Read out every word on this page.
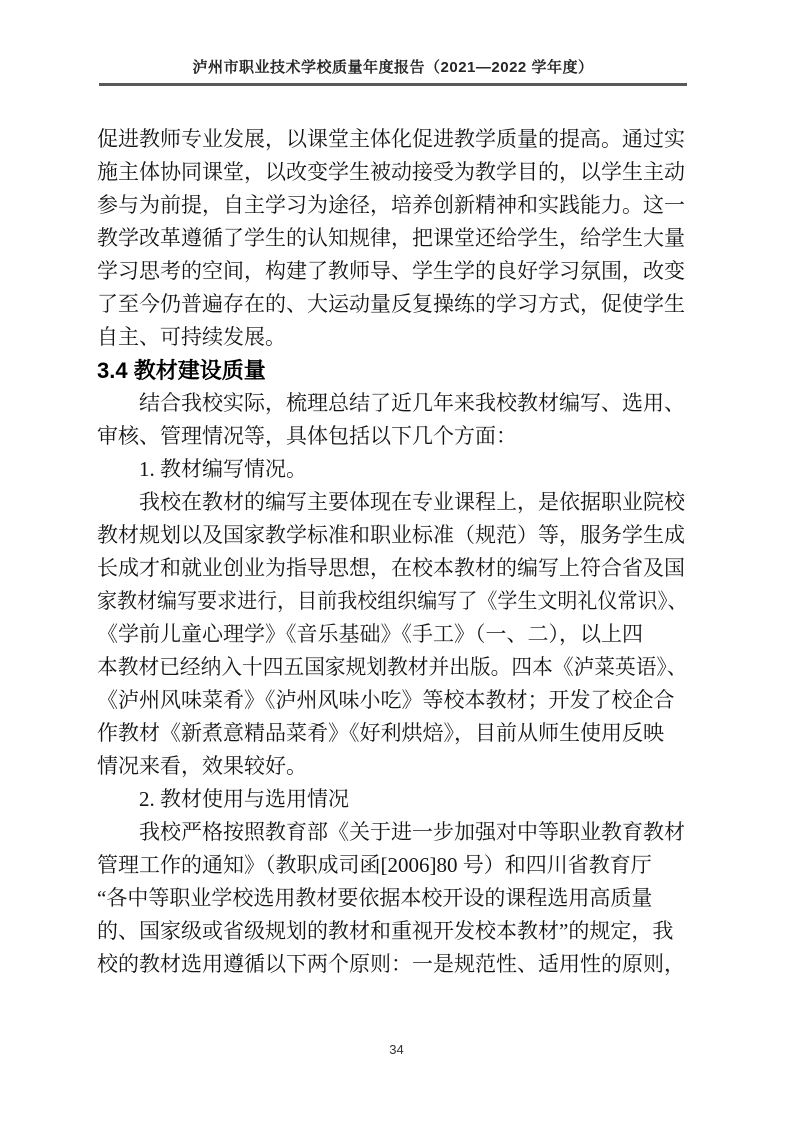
泸州市职业技术学校质量年度报告（2021—2022 学年度）
促进教师专业发展，以课堂主体化促进教学质量的提高。通过实
施主体协同课堂，以改变学生被动接受为教学目的，以学生主动
参与为前提，自主学习为途径，培养创新精神和实践能力。这一
教学改革遵循了学生的认知规律，把课堂还给学生，给学生大量
学习思考的空间，构建了教师导、学生学的良好学习氛围，改变
了至今仍普遍存在的、大运动量反复操练的学习方式，促使学生
自主、可持续发展。
3.4 教材建设质量
　　结合我校实际，梳理总结了近几年来我校教材编写、选用、
审核、管理情况等，具体包括以下几个方面：
　　1. 教材编写情况。
　　我校在教材的编写主要体现在专业课程上，是依据职业院校
教材规划以及国家教学标准和职业标准（规范）等，服务学生成
长成才和就业创业为指导思想，在校本教材的编写上符合省及国
家教材编写要求进行，目前我校组织编写了《学生文明礼仪常识》、
《学前儿童心理学》《音乐基础》《手工》（一、二），以上四
本教材已经纳入十四五国家规划教材并出版。四本《泸菜英语》、
《泸州风味菜肴》《泸州风味小吃》等校本教材；开发了校企合
作教材《新煮意精品菜肴》《好利烘焙》，目前从师生使用反映
情况来看，效果较好。
　　2. 教材使用与选用情况
　　我校严格按照教育部《关于进一步加强对中等职业教育教材
管理工作的通知》（教职成司函[2006]80 号）和四川省教育厅
“各中等职业学校选用教材要依据本校开设的课程选用高质量
的、国家级或省级规划的教材和重视开发校本教材”的规定，我
校的教材选用遵循以下两个原则：一是规范性、适用性的原则，
34
